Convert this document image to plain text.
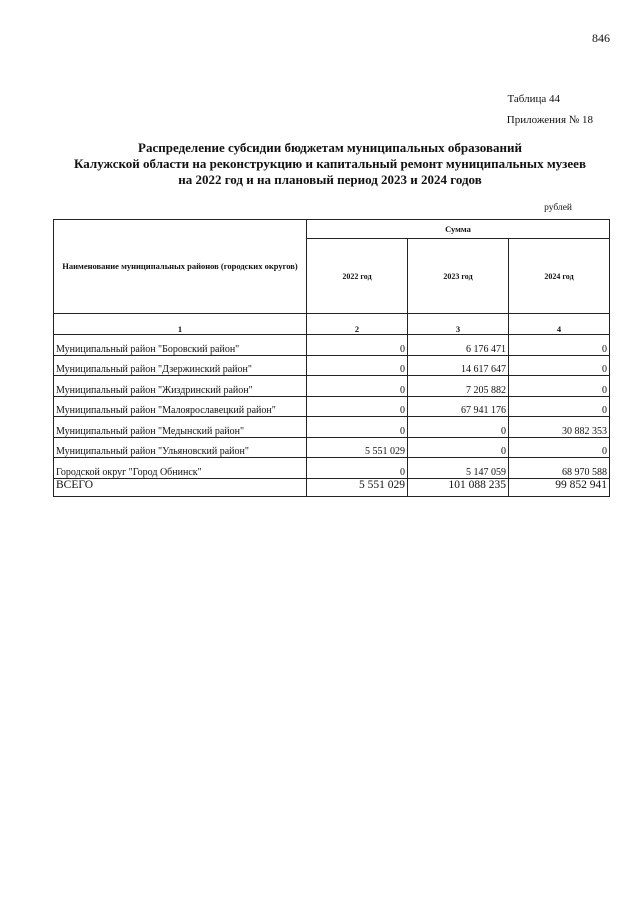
846
Таблица 44
Приложения № 18
Распределение субсидии бюджетам муниципальных образований
Калужской области на реконструкцию и капитальный ремонт муниципальных музеев
на 2022 год и на плановый период 2023 и 2024 годов
рублей
Наименование муниципальных районов (городских округов)	Сумма		
	2022 год	2023 год	2024 год
1	2	3	4
Муниципальный район "Боровский район"	0	6 176 471	0
Муниципальный район "Дзержинский район"	0	14 617 647	0
Муниципальный район "Жиздринский район"	0	7 205 882	0
Муниципальный район "Малоярославецкий район"	0	67 941 176	0
Муниципальный район "Медынский район"	0	0	30 882 353
Муниципальный район "Ульяновский район"	5 551 029	0	0
Городской округ "Город Обнинск"	0	5 147 059	68 970 588
ВСЕГО	5 551 029	101 088 235	99 852 941
